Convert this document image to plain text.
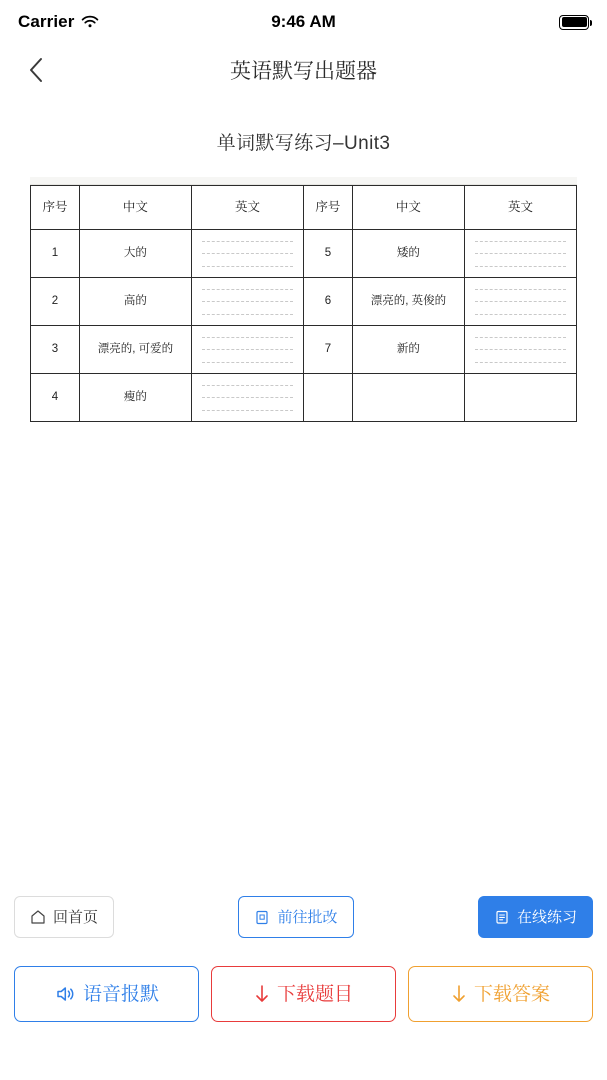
Carrier	9:46 AM
英语默写出题器
单词默写练习–Unit3
序号	中文	英文	序号	中文	英文
1	大的		5	矮的	

2	高的		6	漂亮的, 英俊的	

3	漂亮的, 可爱的		7	新的	

4	瘦的	

回首页	前往批改	在线练习
语音报默	下载题目	下载答案
